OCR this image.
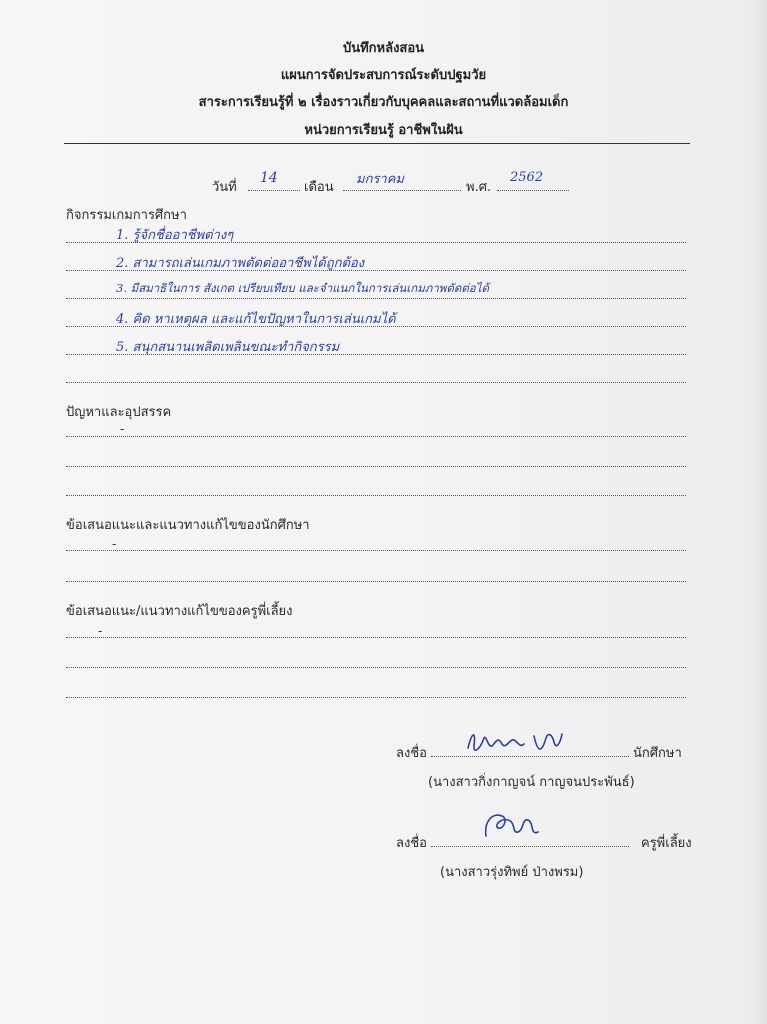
บันทึกหลังสอน
แผนการจัดประสบการณ์ระดับปฐมวัย
สาระการเรียนรู้ที่ ๒ เรื่องราวเกี่ยวกับบุคคลและสถานที่แวดล้อมเด็ก
หน่วยการเรียนรู้ อาชีพในฝัน
วันที่
14
เดือน
มกราคม
พ.ศ.
2562
กิจกรรมเกมการศึกษา
1. รู้จักชื่ออาชีพต่างๆ
2. สามารถเล่นเกมภาพตัดต่ออาชีพได้ถูกต้อง
3. มีสมาธิในการ สังเกต เปรียบเทียบ และจำแนกในการเล่นเกมภาพตัดต่อได้
4. คิด หาเหตุผล และแก้ไขปัญหาในการเล่นเกมได้
5. สนุกสนานเพลิดเพลินขณะทำกิจกรรม
ปัญหาและอุปสรรค
-
ข้อเสนอแนะและแนวทางแก้ไขของนักศึกษา
-
ข้อเสนอแนะ/แนวทางแก้ไขของครูพี่เลี้ยง
-
ลงชื่อ	นักศึกษา
(นางสาวกิ่งกาญจน์ กาญจนประพันธ์)
ลงชื่อ	ครูพี่เลี้ยง
(นางสาวรุ่งทิพย์ ป่างพรม)
